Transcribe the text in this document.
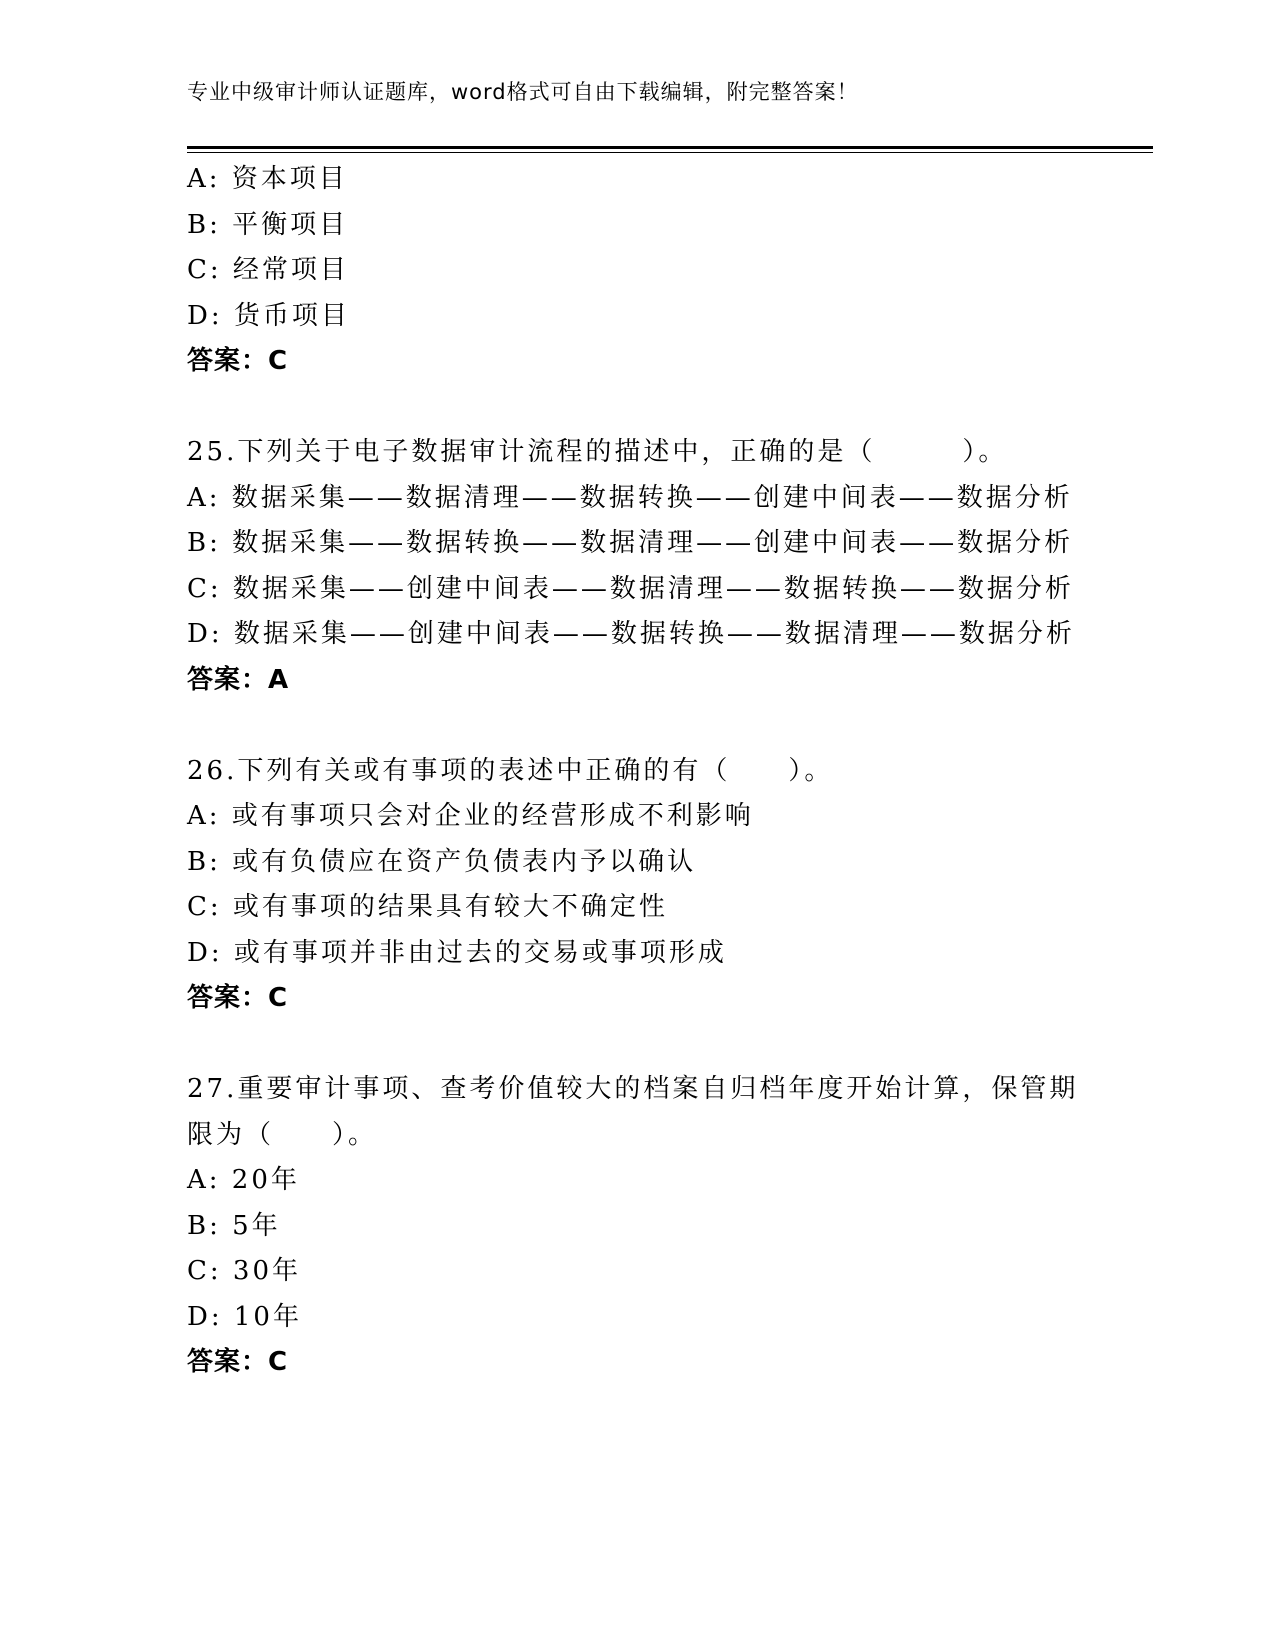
专业中级审计师认证题库，word格式可自由下载编辑，附完整答案！
A: 资本项目
B: 平衡项目
C: 经常项目
D: 货币项目
答案：C
25.下列关于电子数据审计流程的描述中，正确的是（　　　）。
A: 数据采集——数据清理——数据转换——创建中间表——数据分析
B: 数据采集——数据转换——数据清理——创建中间表——数据分析
C: 数据采集——创建中间表——数据清理——数据转换——数据分析
D: 数据采集——创建中间表——数据转换——数据清理——数据分析
答案：A
26.下列有关或有事项的表述中正确的有（　　）。
A: 或有事项只会对企业的经营形成不利影响
B: 或有负债应在资产负债表内予以确认
C: 或有事项的结果具有较大不确定性
D: 或有事项并非由过去的交易或事项形成
答案：C
27.重要审计事项、查考价值较大的档案自归档年度开始计算，保管期
限为（　　）。
A: 20年
B: 5年
C: 30年
D: 10年
答案：C
